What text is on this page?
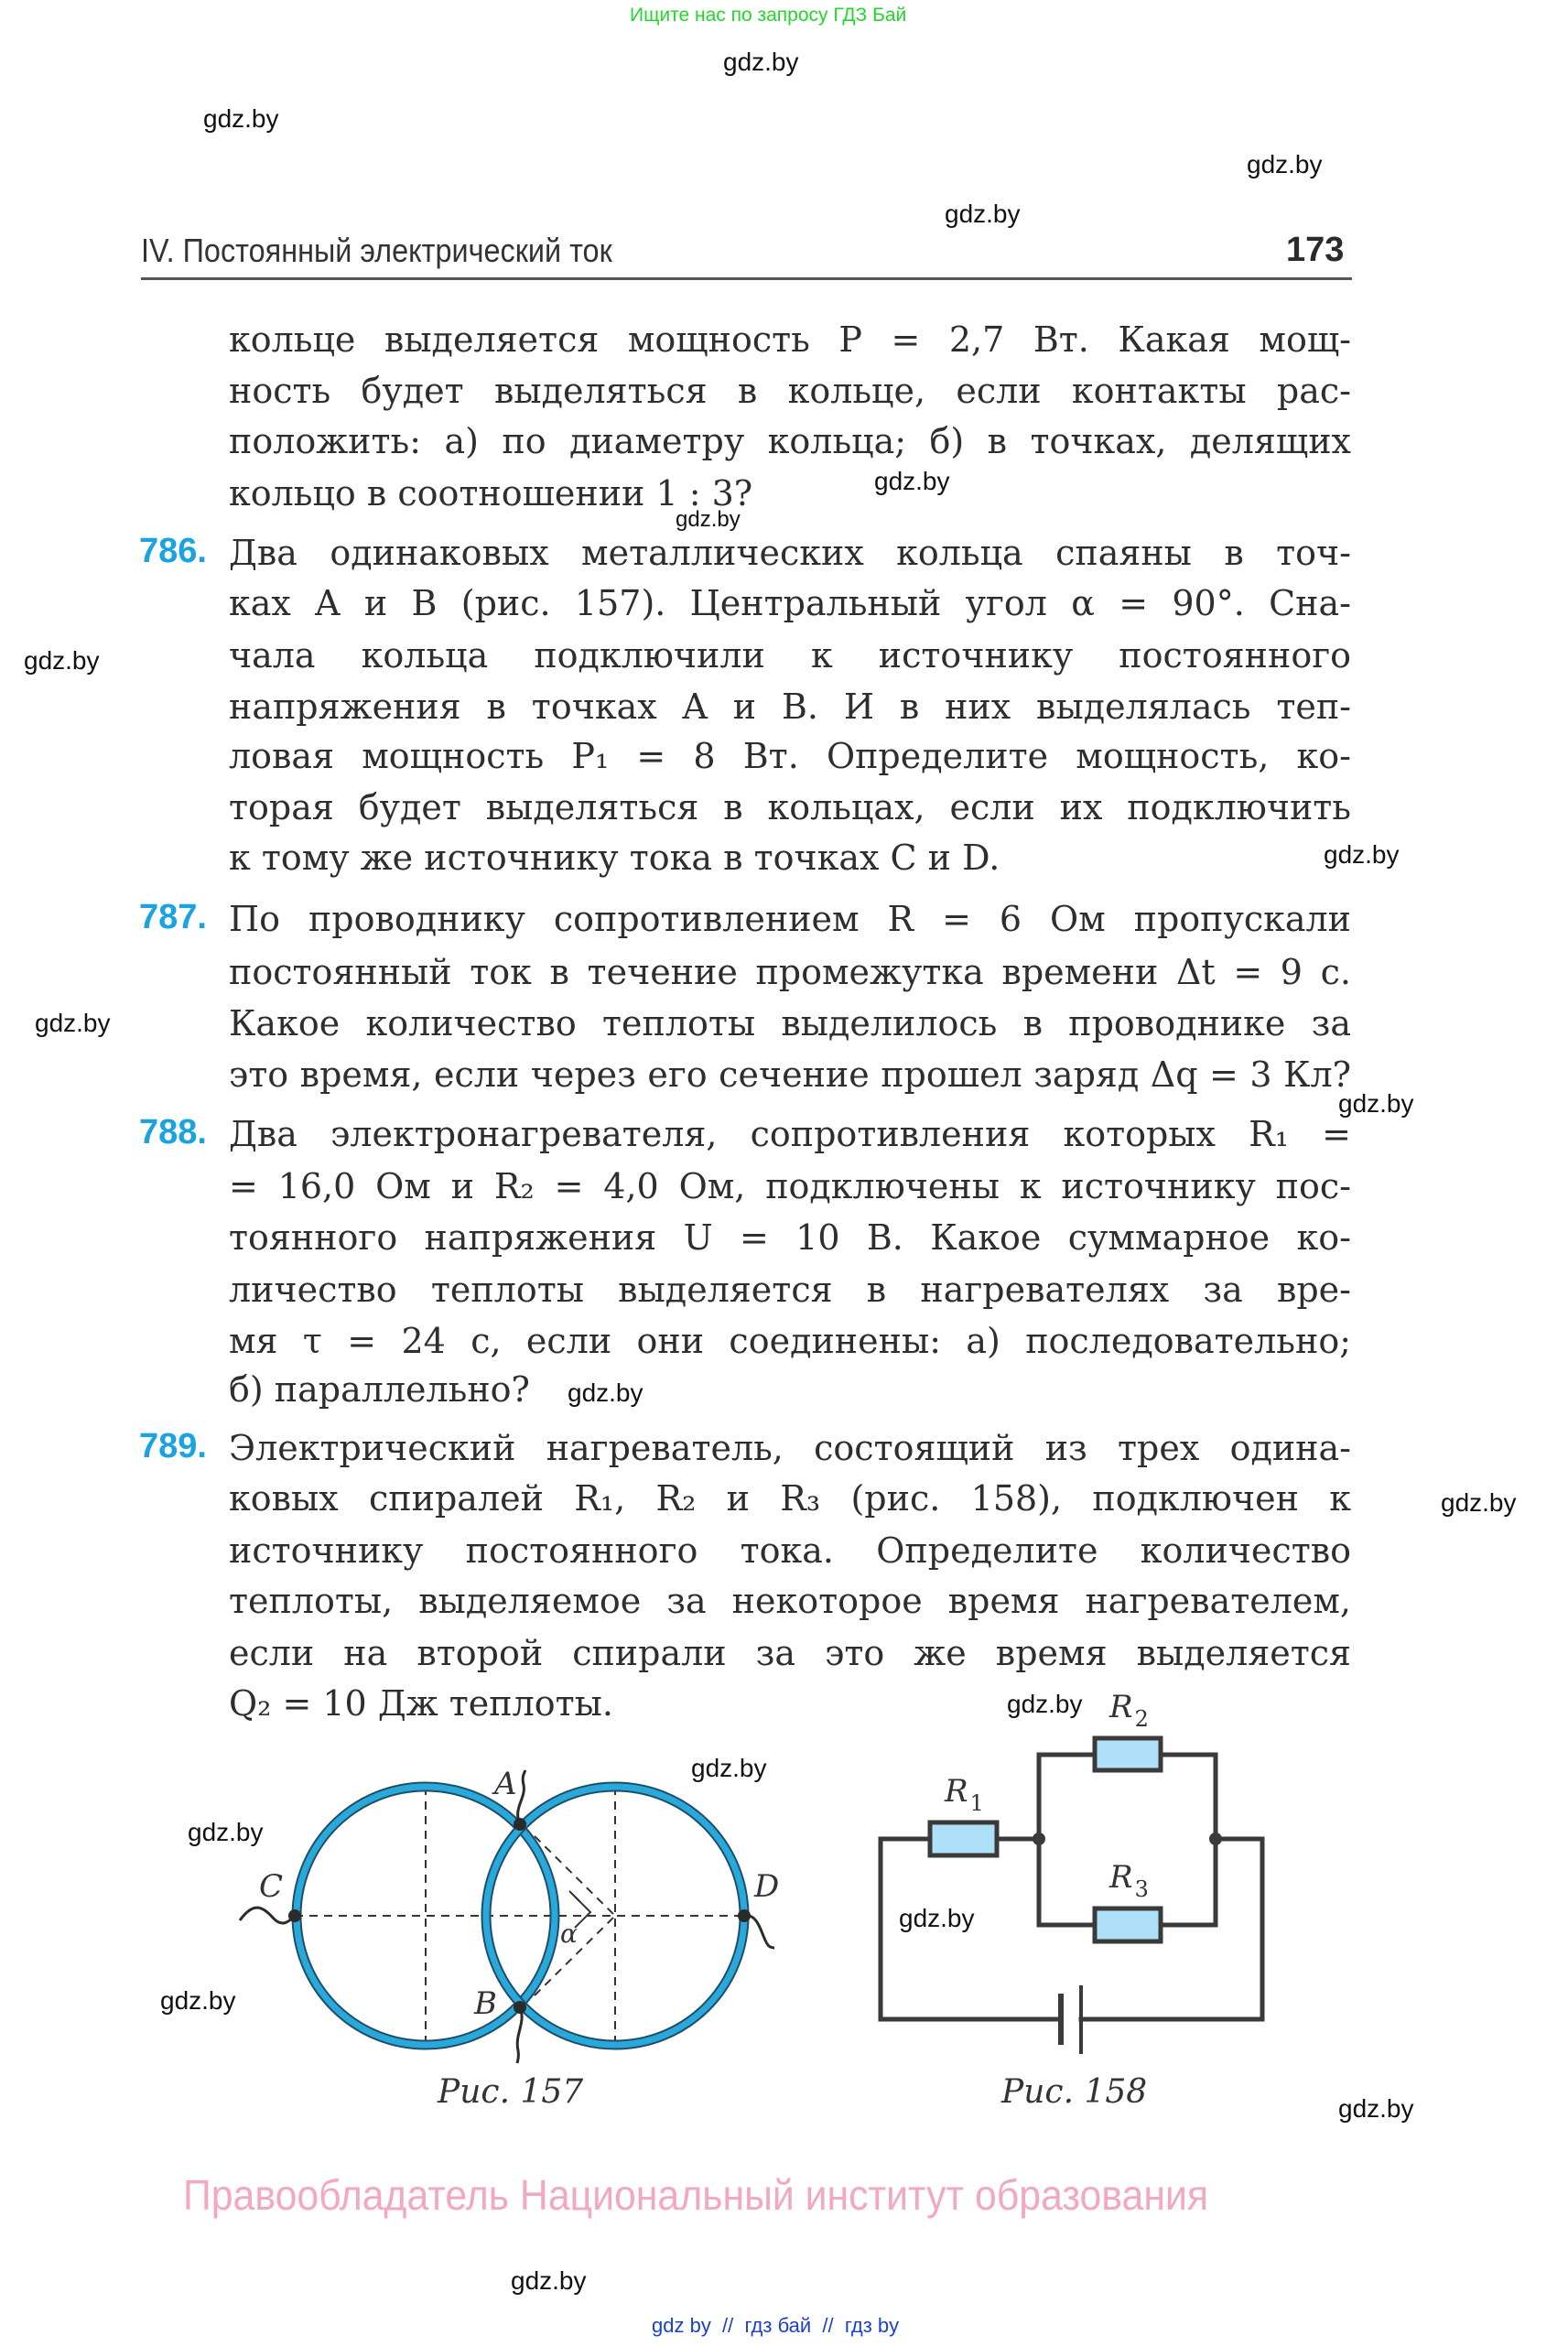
Ищите нас по запросу ГДЗ Бай
gdz.by
gdz.by
gdz.by
gdz.by
IV. Постоянный электрический ток	173
кольце выделяется мощность P = 2,7 Вт. Какая мощ-
ность будет выделяться в кольце, если контакты рас-
положить: а) по диаметру кольца; б) в точках, делящих
кольцо в соотношении 1 : 3?	gdz.by
gdz.by
786. Два одинаковых металлических кольца спаяны в точ-
ках A и B (рис. 157). Центральный угол α = 90°. Сна-
чала кольца подключили к источнику постоянного
напряжения в точках A и B. И в них выделялась теп-
ловая мощность P₁ = 8 Вт. Определите мощность, ко-
торая будет выделяться в кольцах, если их подключить
к тому же источнику тока в точках C и D.
gdz.by
gdz.by
787. По проводнику сопротивлением R = 6 Ом пропускали
постоянный ток в течение промежутка времени Δt = 9 с.
Какое количество теплоты выделилось в проводнике за
это время, если через его сечение прошел заряд Δq = 3 Кл?
gdz.by
gdz.by
788. Два электронагревателя, сопротивления которых R₁ =
= 16,0 Ом и R₂ = 4,0 Ом, подключены к источнику пос-
тоянного напряжения U = 10 В. Какое суммарное ко-
личество теплоты выделяется в нагревателях за вре-
мя τ = 24 с, если они соединены: а) последовательно;
б) параллельно?	gdz.by
789. Электрический нагреватель, состоящий из трех одина-
ковых спиралей R₁, R₂ и R₃ (рис. 158), подключен к
источнику постоянного тока. Определите количество
теплоты, выделяемое за некоторое время нагревателем,
если на второй спирали за это же время выделяется
Q₂ = 10 Дж теплоты.
gdz.by
gdz.by
A
B
C	D
α
$R_1$
$R_2$
$R_3$
gdz.by
gdz.by
gdz.by
gdz.by
Рис. 157	Рис. 158	gdz.by
Правообладатель Национальный институт образования
gdz.by
gdz by  //  гдз бай  //  гдз by
